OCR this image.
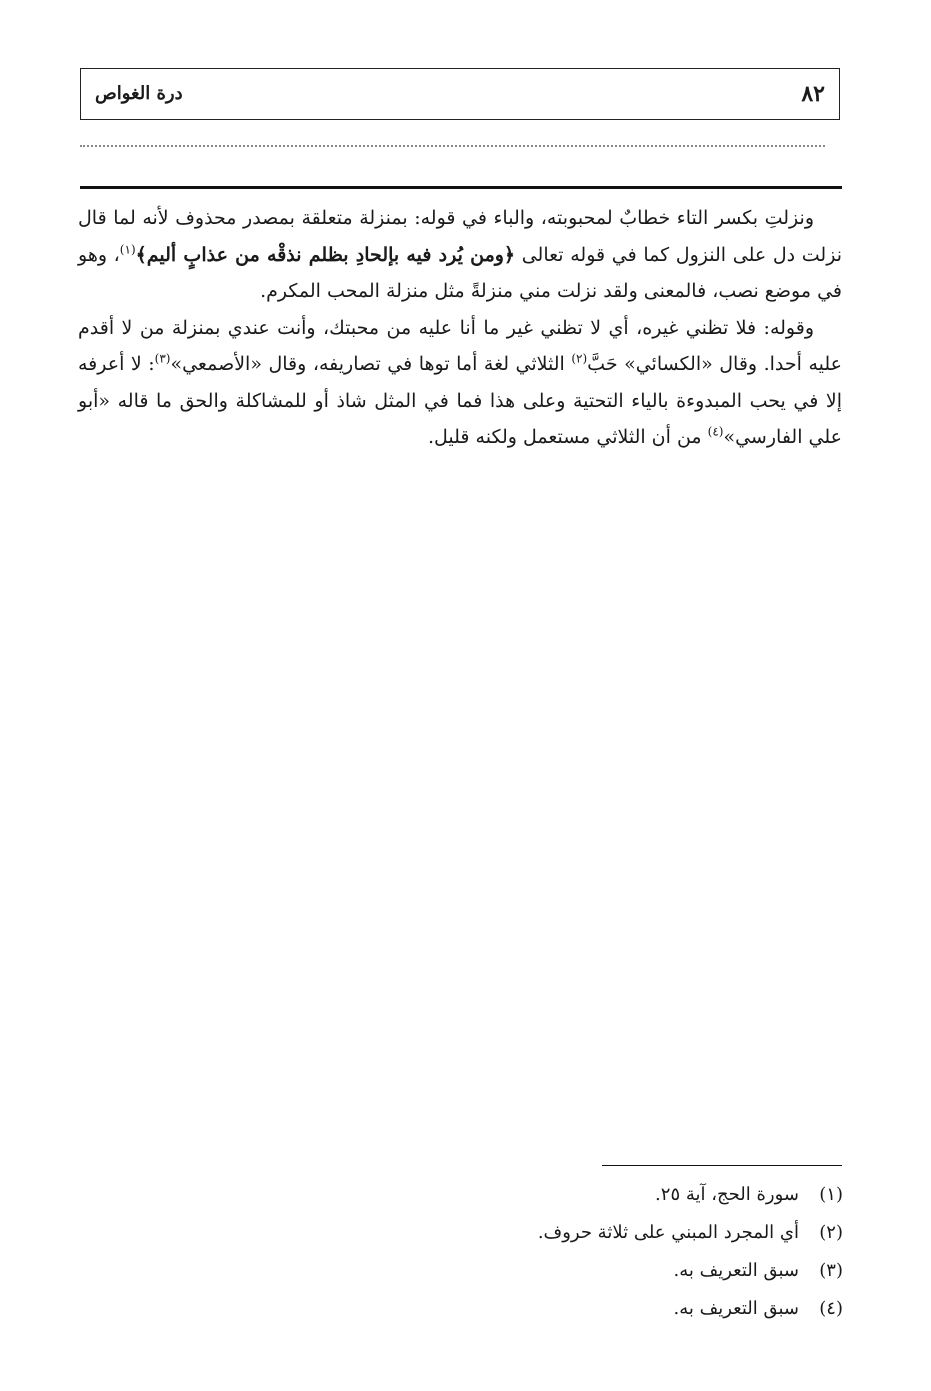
٨٢
درة الغواص

ونزلتِ بكسر التاء خطابٌ لمحبوبته، والباء في قوله: بمنزلة متعلقة بمصدر محذوف لأنه لما قال نزلت دل على النزول كما في قوله تعالى ﴿ومن يُرد فيه بإلحادِ بظلم نذقْه من عذابٍ أليم﴾$^{(١)}$، وهو في موضع نصب، فالمعنى ولقد نزلت مني منزلةً مثل منزلة المحب المكرم.

وقوله: فلا تظني غيره، أي لا تظني غير ما أنا عليه من محبتك، وأنت عندي بمنزلة من لا أقدم عليه أحدا. وقال «الكسائي» حَبَّ$^{(٢)}$ الثلاثي لغة أما توها في تصاريفه، وقال «الأصمعي»$^{(٣)}$: لا أعرفه إلا في يحب المبدوءة بالياء التحتية وعلى هذا فما في المثل شاذ أو للمشاكلة والحق ما قاله «أبو علي الفارسي»$^{(٤)}$ من أن الثلاثي مستعمل ولكنه قليل.

(١)سورة الحج، آية ٢٥.
(٢)أي المجرد المبني على ثلاثة حروف.
(٣)سبق التعريف به.
(٤)سبق التعريف به.
